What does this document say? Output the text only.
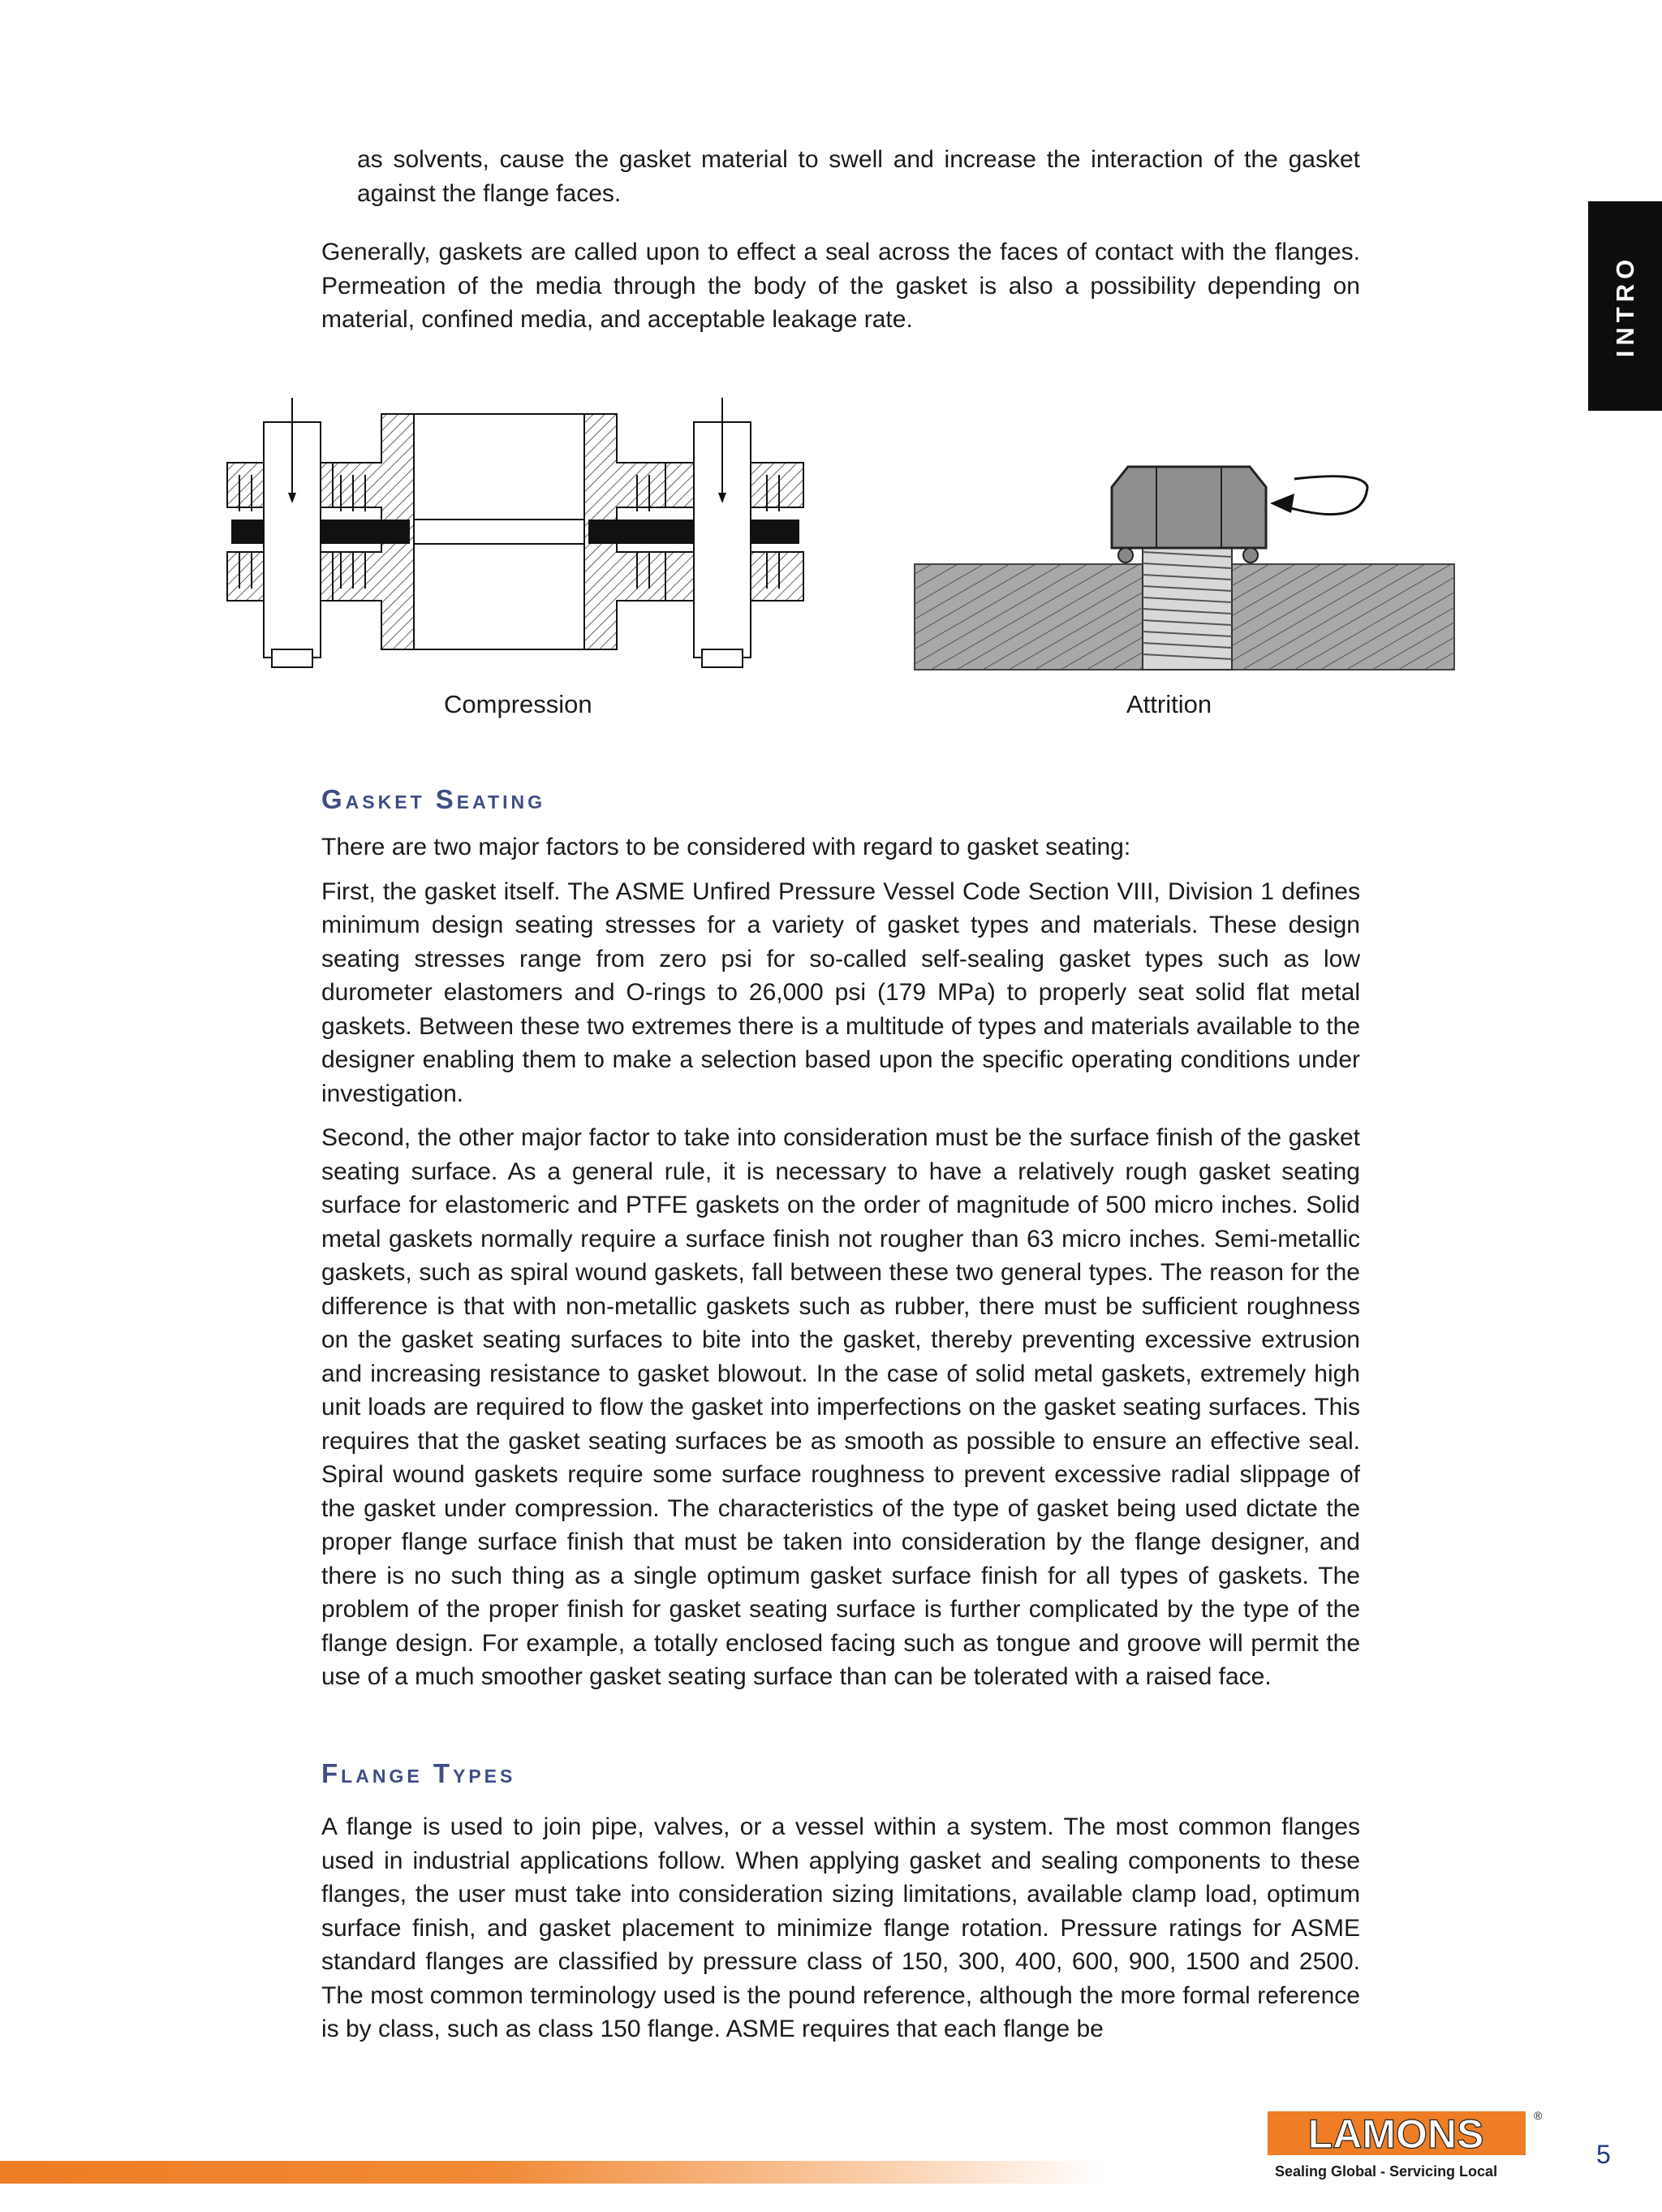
INTRO

as solvents, cause the gasket material to swell and increase the interaction of the gasket against the flange faces.

Generally, gaskets are called upon to effect a seal across the faces of contact with the flanges. Permeation of the media through the body of the gasket is also a possibility depending on material, confined media, and acceptable leakage rate.

Compression	Attrition
Gasket Seating

There are two major factors to be considered with regard to gasket seating:

First, the gasket itself. The ASME Unfired Pressure Vessel Code Section VIII, Division 1 defines minimum design seating stresses for a variety of gasket types and materials. These design seating stresses range from zero psi for so-called self-sealing gasket types such as low durometer elastomers and O-rings to 26,000 psi (179 MPa) to properly seat solid flat metal gaskets. Between these two extremes there is a multitude of types and materials available to the designer enabling them to make a selection based upon the specific operating conditions under investigation.

Second, the other major factor to take into consideration must be the surface finish of the gasket seating surface. As a general rule, it is necessary to have a relatively rough gasket seating surface for elastomeric and PTFE gaskets on the order of magnitude of 500 micro inches. Solid metal gaskets normally require a surface finish not rougher than 63 micro inches. Semi-metallic gaskets, such as spiral wound gaskets, fall between these two general types. The reason for the difference is that with non-metallic gaskets such as rubber, there must be sufficient roughness on the gasket seating surfaces to bite into the gasket, thereby preventing excessive extrusion and increasing resistance to gasket blowout. In the case of solid metal gaskets, extremely high unit loads are required to flow the gasket into imperfections on the gasket seating surfaces. This requires that the gasket seating surfaces be as smooth as possible to ensure an effective seal. Spiral wound gaskets require some surface roughness to prevent excessive radial slippage of the gasket under compression. The characteristics of the type of gasket being used dictate the proper flange surface finish that must be taken into consideration by the flange designer, and there is no such thing as a single optimum gasket surface finish for all types of gaskets. The problem of the proper finish for gasket seating surface is further complicated by the type of the flange design. For example, a totally enclosed facing such as tongue and groove will permit the use of a much smoother gasket seating surface than can be tolerated with a raised face.

Flange Types

A flange is used to join pipe, valves, or a vessel within a system. The most common flanges used in industrial applications follow. When applying gasket and sealing components to these flanges, the user must take into consideration sizing limitations, available clamp load, optimum surface finish, and gasket placement to minimize flange rotation. Pressure ratings for ASME standard flanges are classified by pressure class of 150, 300, 400, 600, 900, 1500 and 2500. The most common terminology used is the pound reference, although the more formal reference is by class, such as class 150 flange. ASME requires that each flange be

LAMONS	®
Sealing Global - Servicing Local
5
